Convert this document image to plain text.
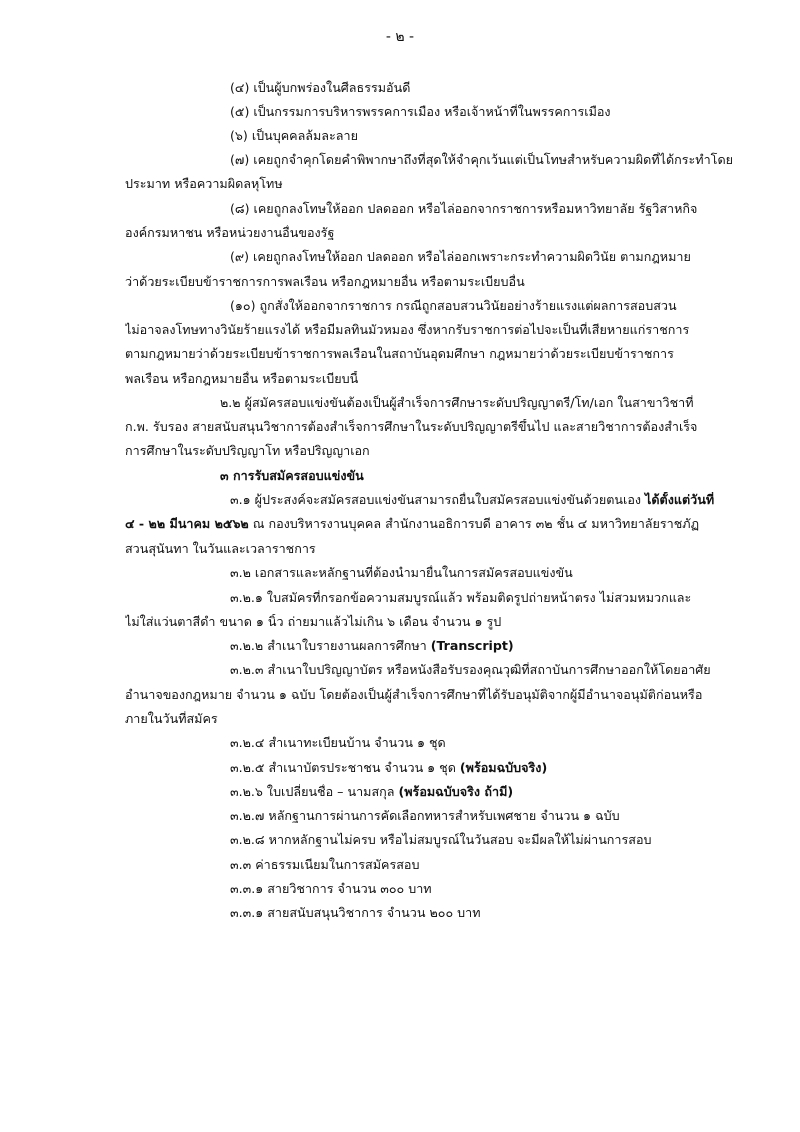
- ๒ -
(๔) เป็นผู้บกพร่องในศีลธรรมอันดี
(๕) เป็นกรรมการบริหารพรรคการเมือง หรือเจ้าหน้าที่ในพรรคการเมือง
(๖) เป็นบุคคลล้มละลาย
(๗) เคยถูกจำคุกโดยคำพิพากษาถึงที่สุดให้จำคุกเว้นแต่เป็นโทษสำหรับความผิดที่ได้กระทำโดย
ประมาท หรือความผิดลหุโทษ
(๘) เคยถูกลงโทษให้ออก ปลดออก หรือไล่ออกจากราชการหรือมหาวิทยาลัย รัฐวิสาหกิจ
องค์กรมหาชน หรือหน่วยงานอื่นของรัฐ
(๙) เคยถูกลงโทษให้ออก ปลดออก หรือไล่ออกเพราะกระทำความผิดวินัย ตามกฎหมาย
ว่าด้วยระเบียบข้าราชการการพลเรือน หรือกฎหมายอื่น หรือตามระเบียบอื่น
(๑๐) ถูกสั่งให้ออกจากราชการ กรณีถูกสอบสวนวินัยอย่างร้ายแรงแต่ผลการสอบสวน
ไม่อาจลงโทษทางวินัยร้ายแรงได้ หรือมีมลทินมัวหมอง ซึ่งหากรับราชการต่อไปจะเป็นที่เสียหายแก่ราชการ
ตามกฎหมายว่าด้วยระเบียบข้าราชการพลเรือนในสถาบันอุดมศึกษา กฎหมายว่าด้วยระเบียบข้าราชการ
พลเรือน หรือกฎหมายอื่น หรือตามระเบียบนี้
๒.๒ ผู้สมัครสอบแข่งขันต้องเป็นผู้สำเร็จการศึกษาระดับปริญญาตรี/โท/เอก ในสาขาวิชาที่
ก.พ. รับรอง สายสนับสนุนวิชาการต้องสำเร็จการศึกษาในระดับปริญญาตรีขึ้นไป และสายวิชาการต้องสำเร็จ
การศึกษาในระดับปริญญาโท หรือปริญญาเอก
๓ การรับสมัครสอบแข่งขัน
๓.๑ ผู้ประสงค์จะสมัครสอบแข่งขันสามารถยื่นใบสมัครสอบแข่งขันด้วยตนเอง ได้ตั้งแต่วันที่
๔ - ๒๒ มีนาคม ๒๕๖๒ ณ กองบริหารงานบุคคล สำนักงานอธิการบดี อาคาร ๓๒ ชั้น ๔ มหาวิทยาลัยราชภัฏ
สวนสุนันทา ในวันและเวลาราชการ
๓.๒ เอกสารและหลักฐานที่ต้องนำมายื่นในการสมัครสอบแข่งขัน
๓.๒.๑ ใบสมัครที่กรอกข้อความสมบูรณ์แล้ว พร้อมติดรูปถ่ายหน้าตรง ไม่สวมหมวกและ
ไม่ใส่แว่นตาสีดำ ขนาด ๑ นิ้ว ถ่ายมาแล้วไม่เกิน ๖ เดือน จำนวน ๑ รูป
๓.๒.๒ สำเนาใบรายงานผลการศึกษา (Transcript)
๓.๒.๓ สำเนาใบปริญญาบัตร หรือหนังสือรับรองคุณวุฒิที่สถาบันการศึกษาออกให้โดยอาศัย
อำนาจของกฎหมาย จำนวน ๑ ฉบับ โดยต้องเป็นผู้สำเร็จการศึกษาที่ได้รับอนุมัติจากผู้มีอำนาจอนุมัติก่อนหรือ
ภายในวันที่สมัคร
๓.๒.๔ สำเนาทะเบียนบ้าน จำนวน ๑ ชุด
๓.๒.๕ สำเนาบัตรประชาชน จำนวน ๑ ชุด (พร้อมฉบับจริง)
๓.๒.๖ ใบเปลี่ยนชื่อ – นามสกุล (พร้อมฉบับจริง ถ้ามี)
๓.๒.๗ หลักฐานการผ่านการคัดเลือกทหารสำหรับเพศชาย จำนวน ๑ ฉบับ
๓.๒.๘ หากหลักฐานไม่ครบ หรือไม่สมบูรณ์ในวันสอบ จะมีผลให้ไม่ผ่านการสอบ
๓.๓ ค่าธรรมเนียมในการสมัครสอบ
๓.๓.๑ สายวิชาการ จำนวน ๓๐๐ บาท
๓.๓.๑ สายสนับสนุนวิชาการ จำนวน ๒๐๐ บาท
